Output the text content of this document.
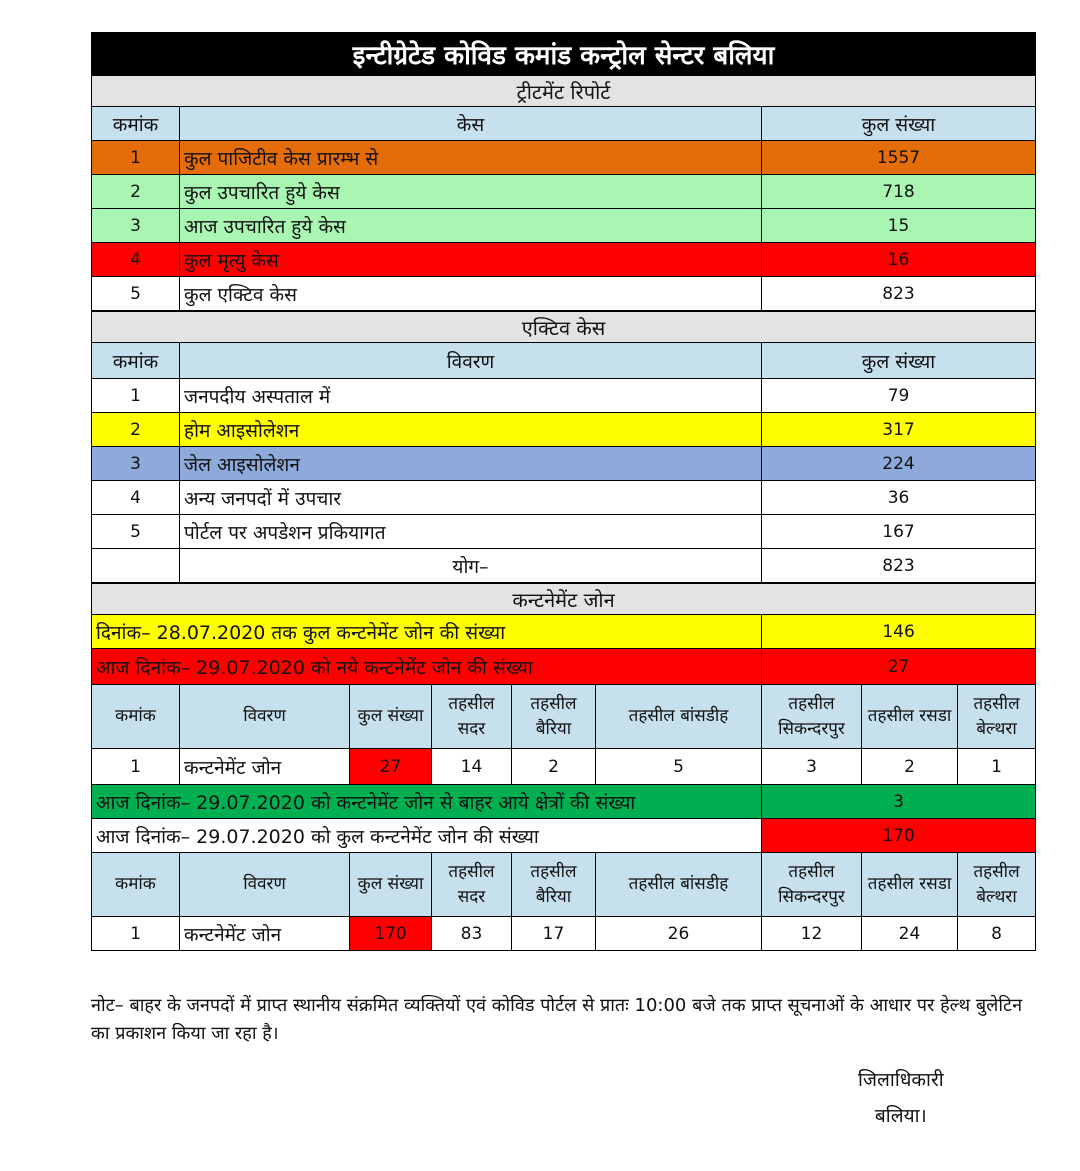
इन्टीग्रेटेड कोविड कमांड कन्ट्रोल सेन्टर बलिया		
ट्रीटमेंट रिपोर्ट		
कमांक	केस	कुल संख्या
1	कुल पाजिटीव केस प्रारम्भ से	1557
2	कुल उपचारित हुये केस	718
3	आज उपचारित हुये केस	15
4	कुल मृत्यु केस	16
5	कुल एक्टिव केस	823
एक्टिव केस		
कमांक	विवरण	कुल संख्या
1	जनपदीय अस्पताल में	79
2	होम आइसोलेशन	317
3	जेल आइसोलेशन	224
4	अन्य जनपदों में उपचार	36
5	पोर्टल पर अपडेशन प्रकियागत	167
	योग–	823
कन्टनेमेंट जोन								
दिनांक– 28.07.2020 तक कुल कन्टनेमेंट जोन की संख्या						146		
आज दिनांक– 29.07.2020 को नये कन्टनेमेंट जोन की संख्या						27		
कमांक	विवरण	कुल संख्या	तहसील सदर	तहसील बैरिया	तहसील बांसडीह	तहसील सिकन्दरपुर	तहसील रसडा	तहसील बेल्थरा
1	कन्टनेमेंट जोन	27	14	2	5	3	2	1
आज दिनांक– 29.07.2020 को कन्टनेमेंट जोन से बाहर आये क्षेत्रों की संख्या						3		
आज दिनांक– 29.07.2020 को कुल कन्टनेमेंट जोन की संख्या						170		
कमांक	विवरण	कुल संख्या	तहसील सदर	तहसील बैरिया	तहसील बांसडीह	तहसील सिकन्दरपुर	तहसील रसडा	तहसील बेल्थरा
1	कन्टनेमेंट जोन	170	83	17	26	12	24	8
नोट– बाहर के जनपदों में प्राप्त स्थानीय संक्रमित व्यक्तियों एवं कोविड पोर्टल से प्रातः 10:00 बजे तक प्राप्त सूचनाओं के आधार पर हेल्थ बुलेटिन का प्रकाशन किया जा रहा है।
जिलाधिकारी
बलिया।
